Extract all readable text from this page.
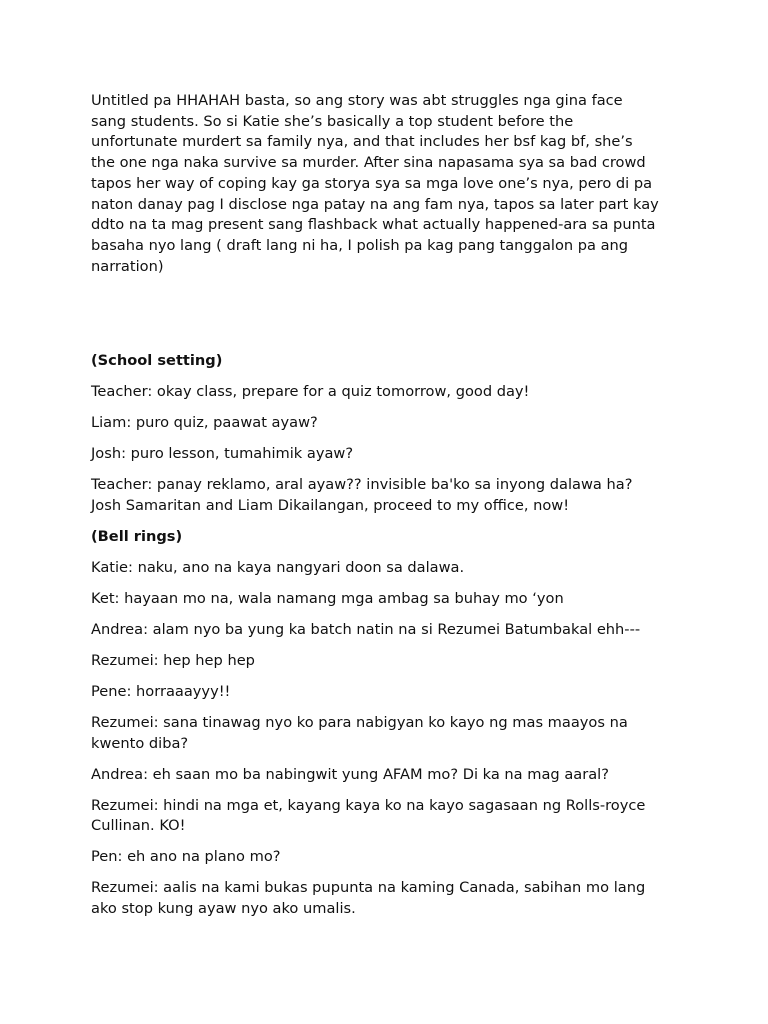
Untitled pa HHAHAH basta, so ang story was abt struggles nga gina face
sang students. So si Katie she’s basically a top student before the
unfortunate murdert sa family nya, and that includes her bsf kag bf, she’s
the one nga naka survive sa murder. After sina napasama sya sa bad crowd
tapos her way of coping kay ga storya sya sa mga love one’s nya, pero di pa
naton danay pag I disclose nga patay na ang fam nya, tapos sa later part kay
ddto na ta mag present sang flashback what actually happened-ara sa punta
basaha nyo lang ( draft lang ni ha, I polish pa kag pang tanggalon pa ang
narration)

(School setting)

Teacher: okay class, prepare for a quiz tomorrow, good day!

Liam: puro quiz, paawat ayaw?

Josh: puro lesson, tumahimik ayaw?

Teacher: panay reklamo, aral ayaw?? invisible ba'ko sa inyong dalawa ha?
Josh Samaritan and Liam Dikailangan, proceed to my office, now!

(Bell rings)

Katie: naku, ano na kaya nangyari doon sa dalawa.

Ket: hayaan mo na, wala namang mga ambag sa buhay mo ‘yon

Andrea: alam nyo ba yung ka batch natin na si Rezumei Batumbakal ehh---

Rezumei: hep hep hep

Pene: horraaayyy!!

Rezumei: sana tinawag nyo ko para nabigyan ko kayo ng mas maayos na
kwento diba?

Andrea: eh saan mo ba nabingwit yung AFAM mo? Di ka na mag aaral?

Rezumei: hindi na mga et, kayang kaya ko na kayo sagasaan ng Rolls-royce
Cullinan. KO!

Pen: eh ano na plano mo?

Rezumei: aalis na kami bukas pupunta na kaming Canada, sabihan mo lang
ako stop kung ayaw nyo ako umalis.
